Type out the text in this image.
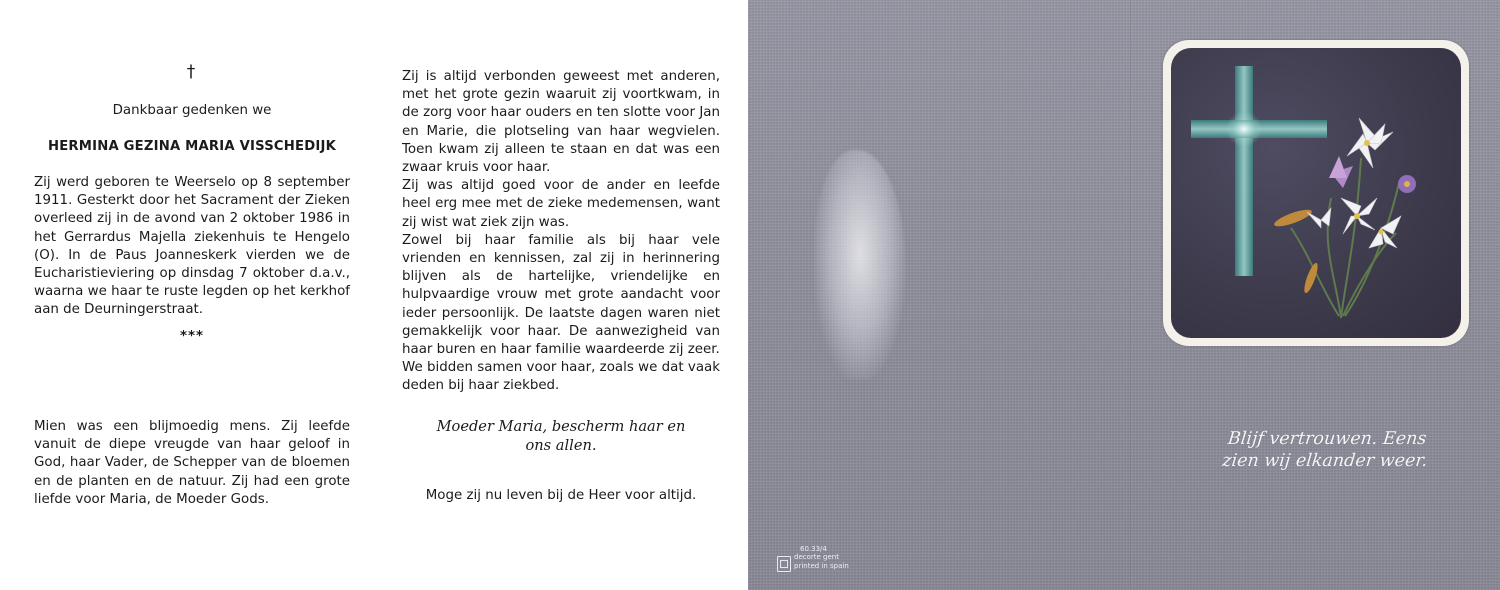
†
Dankbaar gedenken we
HERMINA GEZINA MARIA VISSCHEDIJK
Zij werd geboren te Weerselo op 8 september 1911. Gesterkt door het Sacrament der Zieken overleed zij in de avond van 2 oktober 1986 in het Gerrardus Majella ziekenhuis te Hengelo (O). In de Paus Joanneskerk vierden we de Eucharistieviering op dinsdag 7 oktober d.a.v., waarna we haar te ruste legden op het kerkhof aan de Deurningerstraat.
***
Mien was een blijmoedig mens. Zij leefde vanuit de diepe vreugde van haar geloof in God, haar Vader, de Schepper van de bloemen en de planten en de natuur. Zij had een grote liefde voor Maria, de Moeder Gods.

Zij is altijd verbonden geweest met anderen, met het grote gezin waaruit zij voortkwam, in de zorg voor haar ouders en ten slotte voor Jan en Marie, die plotseling van haar wegvielen. Toen kwam zij alleen te staan en dat was een zwaar kruis voor haar.

Zij was altijd goed voor de ander en leefde heel erg mee met de zieke medemensen, want zij wist wat ziek zijn was.

Zowel bij haar familie als bij haar vele vrienden en kennissen, zal zij in herinnering blijven als de hartelijke, vriendelijke en hulpvaardige vrouw met grote aandacht voor ieder persoonlijk. De laatste dagen waren niet gemakkelijk voor haar. De aanwezigheid van haar buren en haar familie waardeerde zij zeer.

We bidden samen voor haar, zoals we dat vaak deden bij haar ziekbed.

Moeder Maria, bescherm haar en
ons allen.
Moge zij nu leven bij de Heer voor altijd.
Blijf vertrouwen. Eens
zien wij elkander weer.
60.33/4
decorte gent
printed in spain
